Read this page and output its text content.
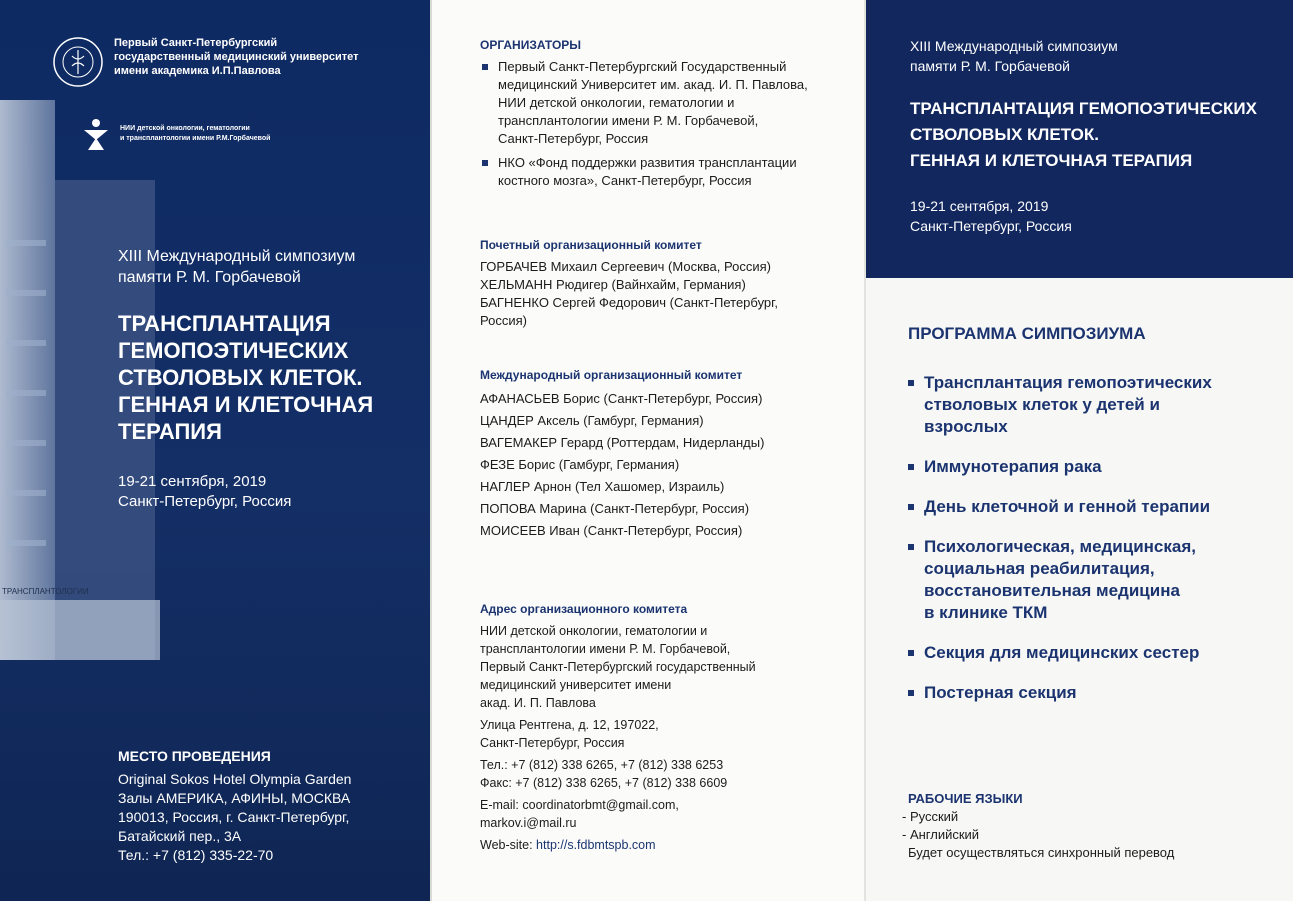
ТРАНСПЛАНТОЛОГИИ
Первый Санкт-Петербургский
государственный медицинский университет
имени академика И.П.Павлова
НИИ детской онкологии, гематологии
и трансплантологии имени Р.М.Горбачевой
XIII Международный симпозиум
памяти Р. М. Горбачевой
ТРАНСПЛАНТАЦИЯ
ГЕМОПОЭТИЧЕСКИХ
СТВОЛОВЫХ КЛЕТОК.
ГЕННАЯ И КЛЕТОЧНАЯ
ТЕРАПИЯ
19-21 сентября, 2019
Санкт-Петербург, Россия
МЕСТО ПРОВЕДЕНИЯ
Original Sokos Hotel Olympia Garden
Залы АМЕРИКА, АФИНЫ, МОСКВА
190013, Россия, г. Санкт-Петербург,
Батайский пер., 3А
Тел.: +7 (812) 335-22-70
ОРГАНИЗАТОРЫ
Первый Санкт-Петербургский Государственный
медицинский Университет им. акад. И. П. Павлова,
НИИ детской онкологии, гематологии и
трансплантологии имени Р. М. Горбачевой,
Санкт-Петербург, Россия
НКО «Фонд поддержки развития трансплантации
костного мозга», Санкт-Петербург, Россия
Почетный организационный комитет
ГОРБАЧЕВ Михаил Сергеевич (Москва, Россия)
ХЕЛЬМАНН Рюдигер (Вайнхайм, Германия)
БАГНЕНКО Сергей Федорович (Санкт-Петербург,
Россия)
Международный организационный комитет
АФАНАСЬЕВ Борис (Санкт-Петербург, Россия)
ЦАНДЕР Аксель (Гамбург, Германия)
ВАГЕМАКЕР Герард (Роттердам, Нидерланды)
ФЕЗЕ Борис (Гамбург, Германия)
НАГЛЕР Арнон (Тел Хашомер, Израиль)
ПОПОВА Марина (Санкт-Петербург, Россия)
МОИСЕЕВ Иван (Санкт-Петербург, Россия)
Адрес организационного комитета
НИИ детской онкологии, гематологии и
трансплантологии имени Р. М. Горбачевой,
Первый Санкт-Петербургский государственный
медицинский университет имени
акад. И. П. Павлова
Улица Рентгена, д. 12, 197022,
Санкт-Петербург, Россия
Тел.: +7 (812) 338 6265, +7 (812) 338 6253
Факс: +7 (812) 338 6265, +7 (812) 338 6609
E-mail: coordinatorbmt@gmail.com,
markov.i@mail.ru
Web-site: http://s.fdbmtspb.com
XIII Международный симпозиум
памяти Р. М. Горбачевой
ТРАНСПЛАНТАЦИЯ ГЕМОПОЭТИЧЕСКИХ
СТВОЛОВЫХ КЛЕТОК.
ГЕННАЯ И КЛЕТОЧНАЯ ТЕРАПИЯ
19-21 сентября, 2019
Санкт-Петербург, Россия
ПРОГРАММА СИМПОЗИУМА
Трансплантация гемопоэтических
стволовых клеток у детей и
взрослых
Иммунотерапия рака
День клеточной и генной терапии
Психологическая, медицинская,
социальная реабилитация,
восстановительная медицина
в клинике ТКМ
Секция для медицинских сестер
Постерная секция
РАБОЧИЕ ЯЗЫКИ
- Русский
- Английский
Будет осуществляться синхронный перевод
